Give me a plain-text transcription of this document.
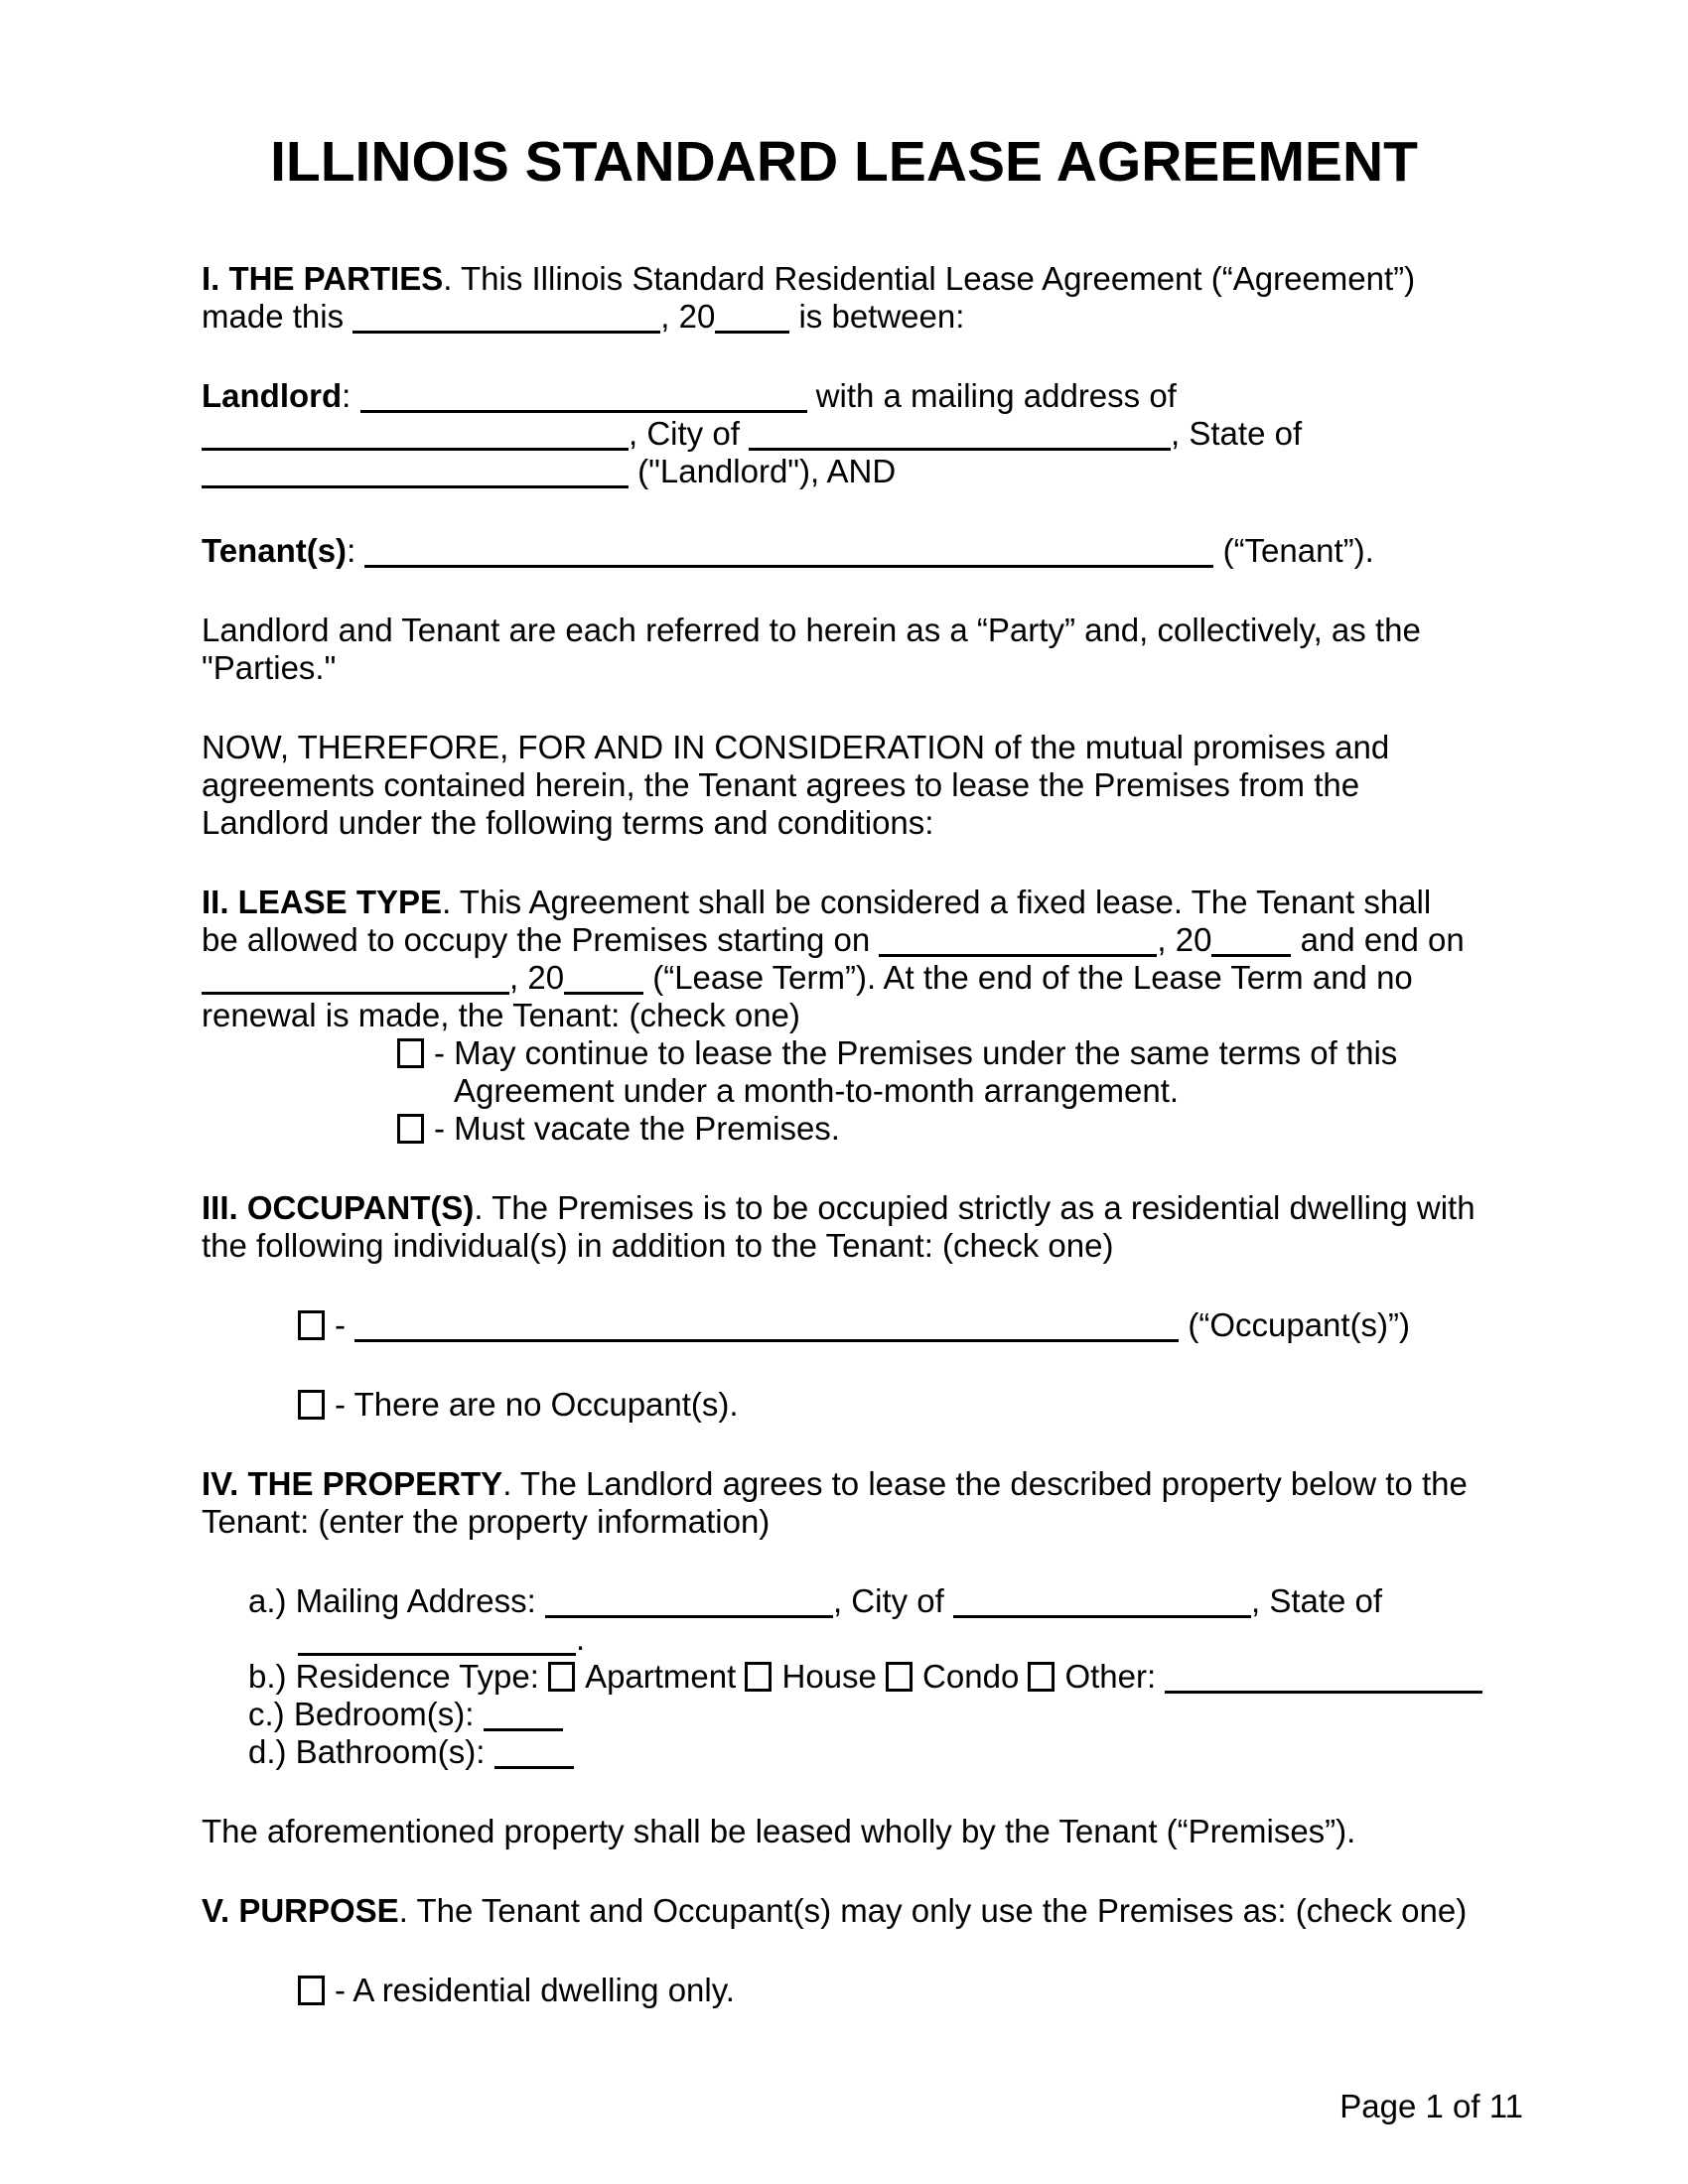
ILLINOIS STANDARD LEASE AGREEMENT
I. THE PARTIES. This Illinois Standard Residential Lease Agreement (“Agreement”)
made this	, 20 is between:
Landlord:	with a mailing address of
, City of	, State of
("Landlord"), AND
Tenant(s):	(“Tenant”).
Landlord and Tenant are each referred to herein as a “Party” and, collectively, as the
"Parties."
NOW, THEREFORE, FOR AND IN CONSIDERATION of the mutual promises and
agreements contained herein, the Tenant agrees to lease the Premises from the
Landlord under the following terms and conditions:
II. LEASE TYPE. This Agreement shall be considered a fixed lease. The Tenant shall
be allowed to occupy the Premises starting on	, 20 and end on
, 20 (“Lease Term”). At the end of the Lease Term and no
renewal is made, the Tenant: (check one)
- May continue to lease the Premises under the same terms of this
Agreement under a month-to-month arrangement.
- Must vacate the Premises.
III. OCCUPANT(S). The Premises is to be occupied strictly as a residential dwelling with
the following individual(s) in addition to the Tenant: (check one)
-	(“Occupant(s)”)
- There are no Occupant(s).
IV. THE PROPERTY. The Landlord agrees to lease the described property below to the
Tenant: (enter the property information)
a.) Mailing Address:	, City of	, State of
.
b.) Residence Type: Apartment House Condo Other:
c.) Bedroom(s):
d.) Bathroom(s):
The aforementioned property shall be leased wholly by the Tenant (“Premises”).
V. PURPOSE. The Tenant and Occupant(s) may only use the Premises as: (check one)
- A residential dwelling only.
Page 1 of 11
